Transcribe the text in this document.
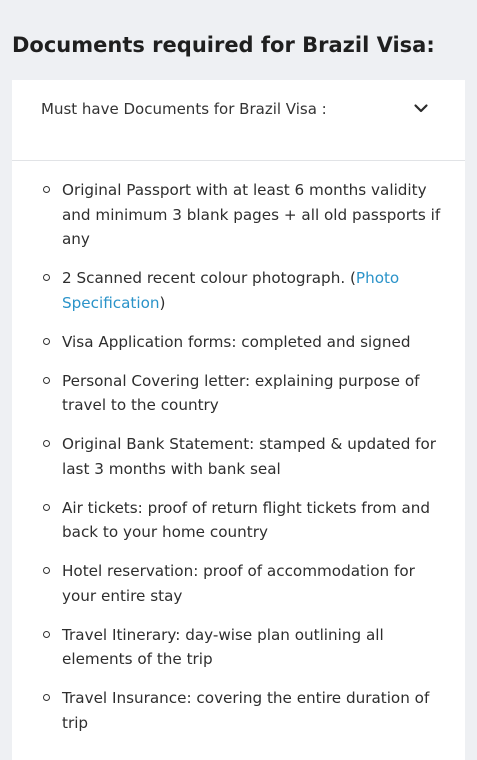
Documents required for Brazil Visa:
Must have Documents for Brazil Visa :
Original Passport with at least 6 months validity and minimum 3 blank pages + all old passports if any
2 Scanned recent colour photograph. (Photo Specification)
Visa Application forms: completed and signed
Personal Covering letter: explaining purpose of travel to the country
Original Bank Statement: stamped & updated for last 3 months with bank seal
Air tickets: proof of return flight tickets from and back to your home country
Hotel reservation: proof of accommodation for your entire stay
Travel Itinerary: day-wise plan outlining all elements of the trip
Travel Insurance: covering the entire duration of trip
